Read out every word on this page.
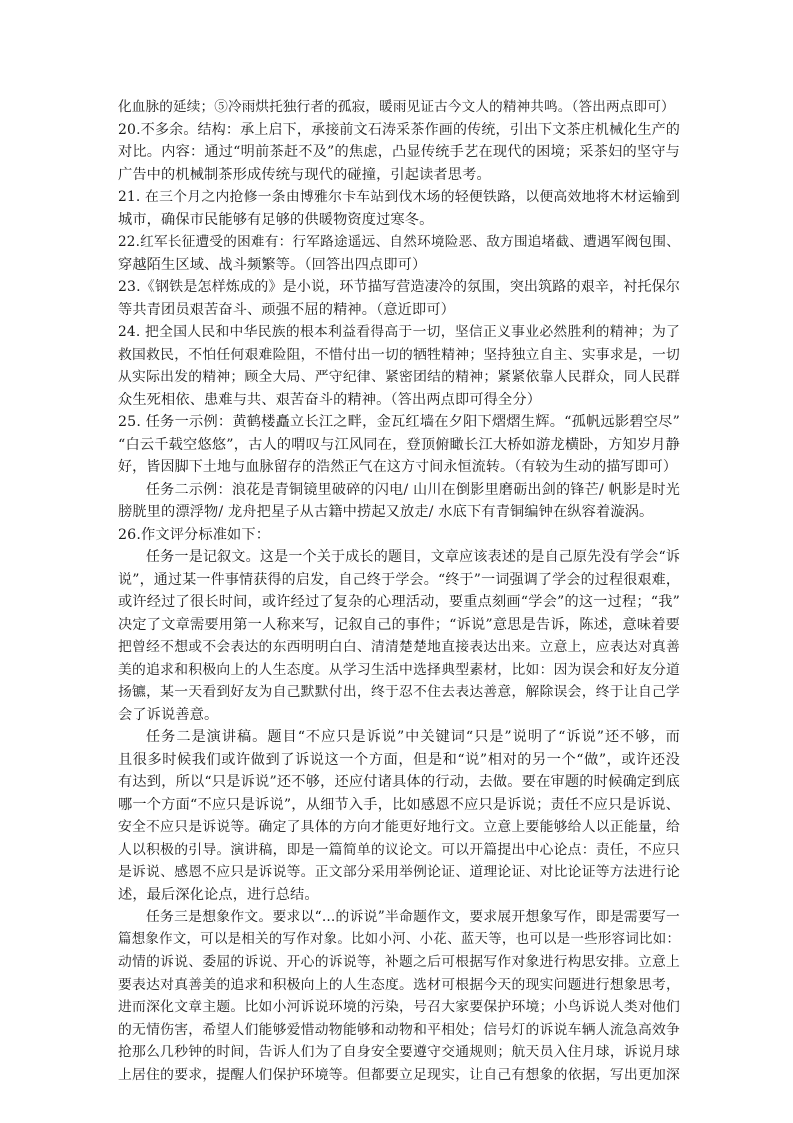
化血脉的延续；⑤冷雨烘托独行者的孤寂，暖雨见证古今文人的精神共鸣。（答出两点即可）
20.不多余。结构：承上启下，承接前文石涛采茶作画的传统，引出下文茶庄机械化生产的
对比。内容：通过“明前茶赶不及”的焦虑，凸显传统手艺在现代的困境；采茶妇的坚守与
广告中的机械制茶形成传统与现代的碰撞，引起读者思考。
21. 在三个月之内抢修一条由博雅尔卡车站到伐木场的轻便铁路，以便高效地将木材运输到
城市，确保市民能够有足够的供暖物资度过寒冬。
22.红军长征遭受的困难有：行军路途遥远、自然环境险恶、敌方围追堵截、遭遇军阀包围、
穿越陌生区域、战斗频繁等。（回答出四点即可）
23.《钢铁是怎样炼成的》是小说，环节描写营造凄冷的氛围，突出筑路的艰辛，衬托保尔
等共青团员艰苦奋斗、顽强不屈的精神。（意近即可）
24. 把全国人民和中华民族的根本利益看得高于一切，坚信正义事业必然胜利的精神；为了
救国救民，不怕任何艰难险阻，不惜付出一切的牺牲精神；坚持独立自主、实事求是，一切
从实际出发的精神；顾全大局、严守纪律、紧密团结的精神；紧紧依靠人民群众，同人民群
众生死相依、患难与共、艰苦奋斗的精神。（答出两点即可得全分）
25. 任务一示例：黄鹤楼矗立长江之畔，金瓦红墙在夕阳下熠熠生辉。“孤帆远影碧空尽”
“白云千载空悠悠”，古人的喟叹与江风同在，登顶俯瞰长江大桥如游龙横卧，方知岁月静
好，皆因脚下土地与血脉留存的浩然正气在这方寸间永恒流转。（有较为生动的描写即可）
任务二示例：浪花是青铜镜里破碎的闪电/ 山川在倒影里磨砺出剑的锋芒/ 帆影是时光
膀胱里的漂浮物/ 龙舟把星子从古籍中捞起又放走/ 水底下有青铜编钟在纵容着漩涡。
26.作文评分标准如下：
任务一是记叙文。这是一个关于成长的题目，文章应该表述的是自己原先没有学会“诉
说”，通过某一件事情获得的启发，自己终于学会。“终于”一词强调了学会的过程很艰难，
或许经过了很长时间，或许经过了复杂的心理活动，要重点刻画“学会”的这一过程；“我”
决定了文章需要用第一人称来写，记叙自己的事件；“诉说”意思是告诉，陈述，意味着要
把曾经不想或不会表达的东西明明白白、清清楚楚地直接表达出来。立意上，应表达对真善
美的追求和积极向上的人生态度。从学习生活中选择典型素材，比如：因为误会和好友分道
扬镳，某一天看到好友为自己默默付出，终于忍不住去表达善意，解除误会，终于让自己学
会了诉说善意。
任务二是演讲稿。题目“不应只是诉说”中关键词“只是”说明了“诉说”还不够，而
且很多时候我们或许做到了诉说这一个方面，但是和“说”相对的另一个“做”，或许还没
有达到，所以“只是诉说”还不够，还应付诸具体的行动，去做。要在审题的时候确定到底
哪一个方面“不应只是诉说”，从细节入手，比如感恩不应只是诉说；责任不应只是诉说、
安全不应只是诉说等。确定了具体的方向才能更好地行文。立意上要能够给人以正能量，给
人以积极的引导。演讲稿，即是一篇简单的议论文。可以开篇提出中心论点：责任，不应只
是诉说、感恩不应只是诉说等。正文部分采用举例论证、道理论证、对比论证等方法进行论
述，最后深化论点，进行总结。
任务三是想象作文。要求以“...的诉说”半命题作文，要求展开想象写作，即是需要写一
篇想象作文，可以是相关的写作对象。比如小河、小花、蓝天等，也可以是一些形容词比如：
动情的诉说、委屈的诉说、开心的诉说等，补题之后可根据写作对象进行构思安排。立意上
要表达对真善美的追求和积极向上的人生态度。选材可根据今天的现实问题进行想象思考，
进而深化文章主题。比如小河诉说环境的污染，号召大家要保护环境；小鸟诉说人类对他们
的无情伤害，希望人们能够爱惜动物能够和动物和平相处；信号灯的诉说车辆人流急高效争
抢那么几秒钟的时间，告诉人们为了自身安全要遵守交通规则；航天员入住月球，诉说月球
上居住的要求，提醒人们保护环境等。但都要立足现实，让自己有想象的依据，写出更加深
